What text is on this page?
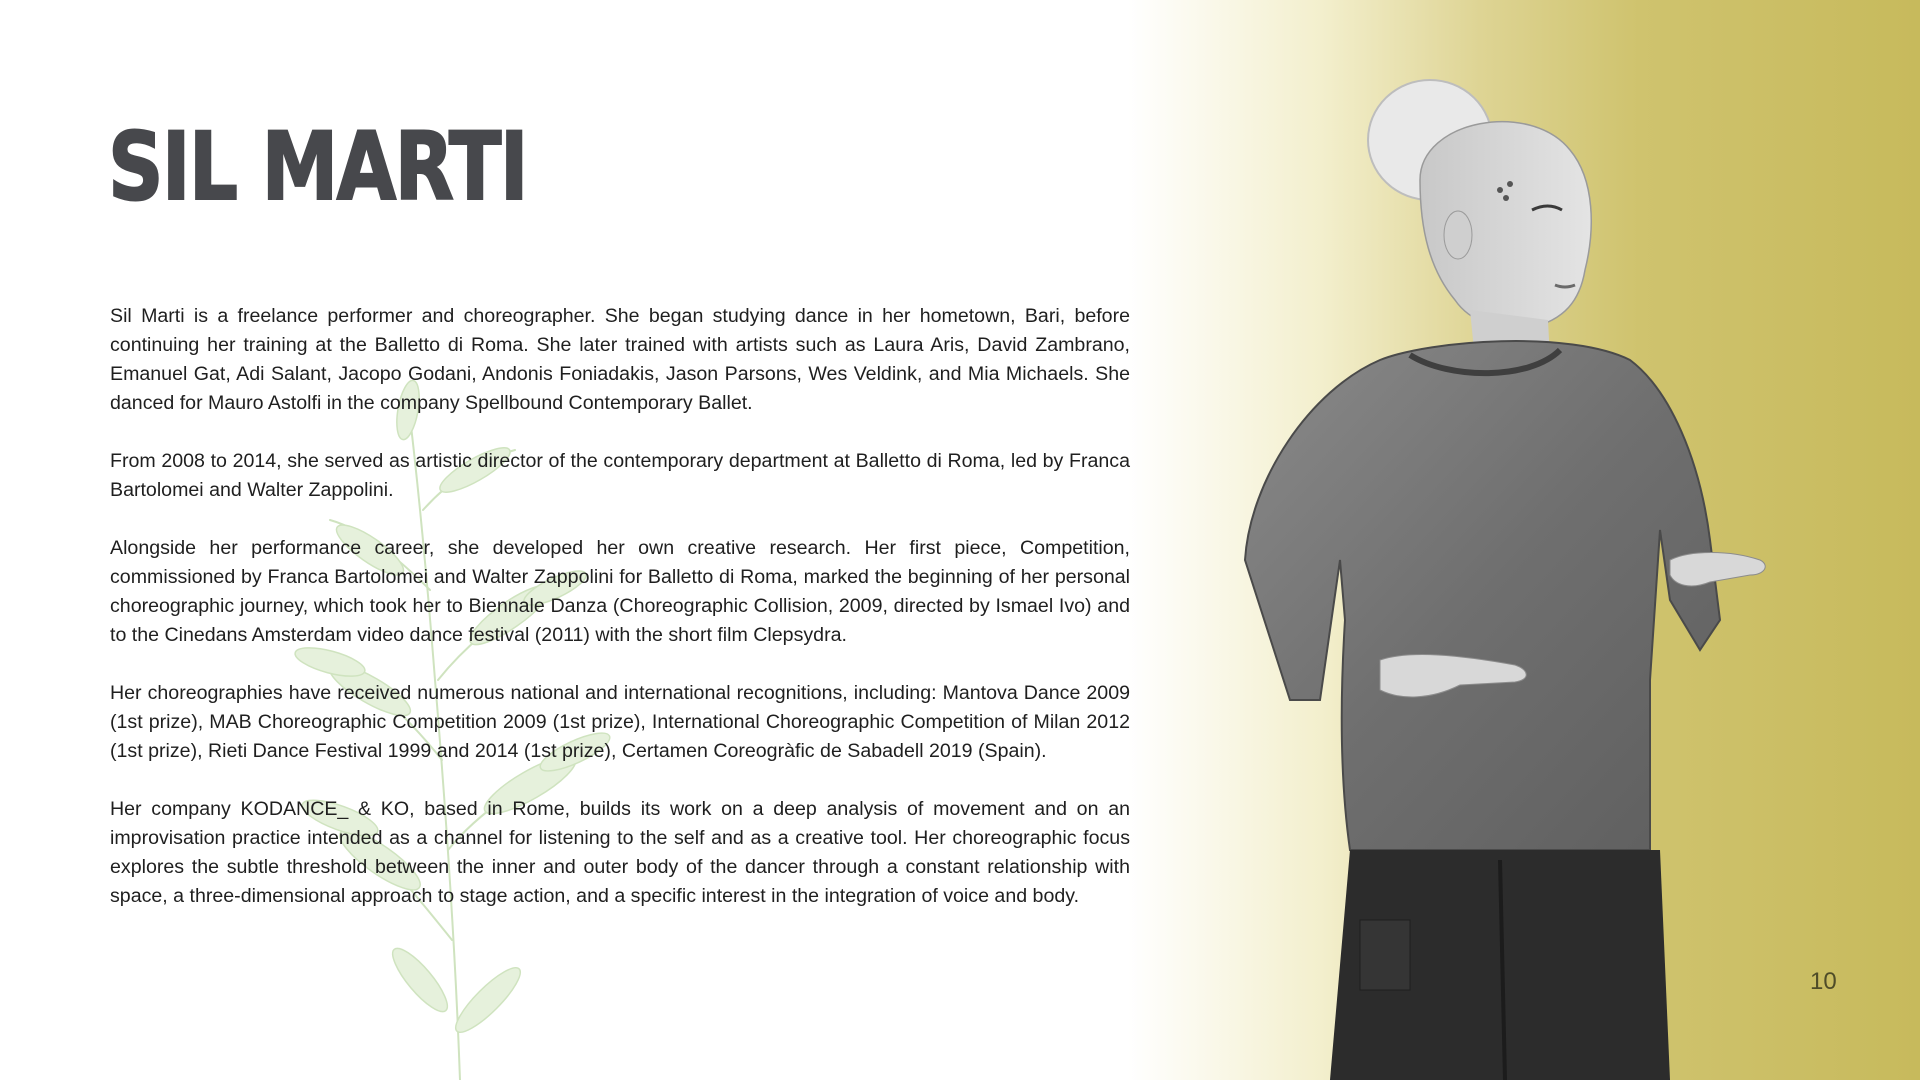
SIL MARTI

Sil Marti is a freelance performer and choreographer. She began studying dance in her hometown, Bari, before continuing her training at the Balletto di Roma. She later trained with artists such as Laura Aris, David Zambrano, Emanuel Gat, Adi Salant, Jacopo Godani, Andonis Foniadakis, Jason Parsons, Wes Veldink, and Mia Michaels. She danced for Mauro Astolfi in the company Spellbound Contemporary Ballet.

From 2008 to 2014, she served as artistic director of the contemporary department at Balletto di Roma, led by Franca Bartolomei and Walter Zappolini.

Alongside her performance career, she developed her own creative research. Her first piece, Competition, commissioned by Franca Bartolomei and Walter Zappolini for Balletto di Roma, marked the beginning of her personal choreographic journey, which took her to Biennale Danza (Choreographic Collision, 2009, directed by Ismael Ivo) and to the Cinedans Amsterdam video dance festival (2011) with the short film Clepsydra.

Her choreographies have received numerous national and international recognitions, including: Mantova Dance 2009 (1st prize), MAB Choreographic Competition 2009 (1st prize), International Choreographic Competition of Milan 2012 (1st prize), Rieti Dance Festival 1999 and 2014 (1st prize), Certamen Coreogràfic de Sabadell 2019 (Spain).

Her company KODANCE_ & KO, based in Rome, builds its work on a deep analysis of movement and on an improvisation practice intended as a channel for listening to the self and as a creative tool. Her choreographic focus explores the subtle threshold between the inner and outer body of the dancer through a constant relationship with space, a three-dimensional approach to stage action, and a specific interest in the integration of voice and body.

10
